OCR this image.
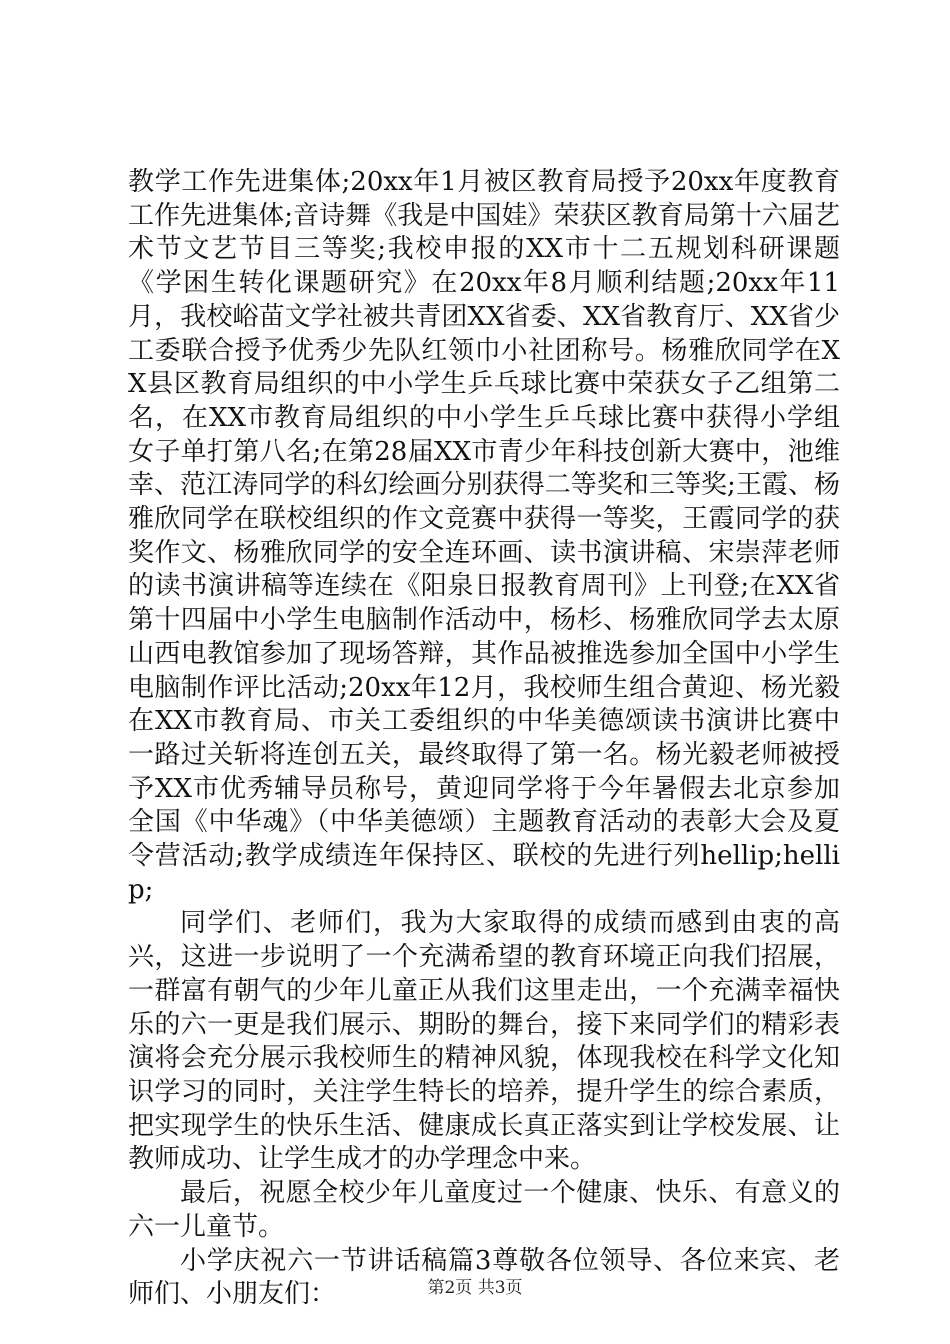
教学工作先进集体;20xx年1月被区教育局授予20xx年度教育工作先进集体;音诗舞《我是中国娃》荣获区教育局第十六届艺术节文艺节目三等奖;我校申报的XX市十二五规划科研课题《学困生转化课题研究》在20xx年8月顺利结题;20xx年11月，我校峪苗文学社被共青团XX省委、XX省教育厅、XX省少工委联合授予优秀少先队红领巾小社团称号。杨雅欣同学在XX县区教育局组织的中小学生乒乓球比赛中荣获女子乙组第二名，在XX市教育局组织的中小学生乒乓球比赛中获得小学组女子单打第八名;在第28届XX市青少年科技创新大赛中，池维幸、范江涛同学的科幻绘画分别获得二等奖和三等奖;王霞、杨雅欣同学在联校组织的作文竞赛中获得一等奖，王霞同学的获奖作文、杨雅欣同学的安全连环画、读书演讲稿、宋崇萍老师的读书演讲稿等连续在《阳泉日报教育周刊》上刊登;在XX省第十四届中小学生电脑制作活动中，杨杉、杨雅欣同学去太原山西电教馆参加了现场答辩，其作品被推选参加全国中小学生电脑制作评比活动;20xx年12月，我校师生组合黄迎、杨光毅在XX市教育局、市关工委组织的中华美德颂读书演讲比赛中一路过关斩将连创五关，最终取得了第一名。杨光毅老师被授予XX市优秀辅导员称号，黄迎同学将于今年暑假去北京参加全国《中华魂》（中华美德颂）主题教育活动的表彰大会及夏令营活动;教学成绩连年保持区、联校的先进行列hellip;hellip;

同学们、老师们，我为大家取得的成绩而感到由衷的高兴，这进一步说明了一个充满希望的教育环境正向我们招展，一群富有朝气的少年儿童正从我们这里走出，一个充满幸福快乐的六一更是我们展示、期盼的舞台，接下来同学们的精彩表演将会充分展示我校师生的精神风貌，体现我校在科学文化知识学习的同时，关注学生特长的培养，提升学生的综合素质，把实现学生的快乐生活、健康成长真正落实到让学校发展、让教师成功、让学生成才的办学理念中来。

最后，祝愿全校少年儿童度过一个健康、快乐、有意义的六一儿童节。

小学庆祝六一节讲话稿篇3尊敬各位领导、各位来宾、老师们、小朋友们：	第2页 共3页
